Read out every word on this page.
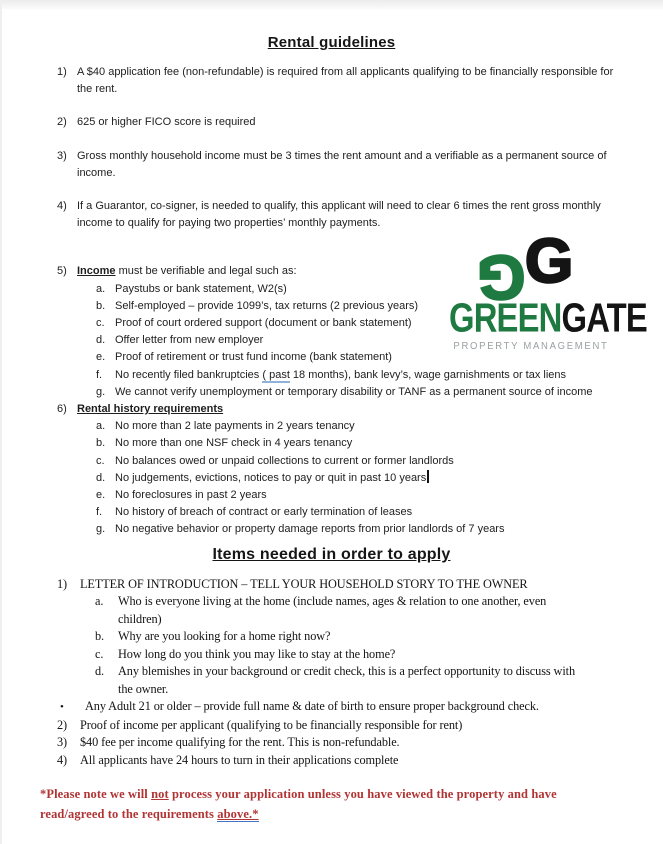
Rental guidelines
1) A $40 application fee (non-refundable) is required from all applicants qualifying to be financially responsible for
the rent.
2) 625 or higher FICO score is required
3) Gross monthly household income must be 3 times the rent amount and a verifiable as a permanent source of
income.
4) If a Guarantor, co-signer, is needed to qualify, this applicant will need to clear 6 times the rent gross monthly
income to qualify for paying two properties’ monthly payments.
5) Income must be verifiable and legal such as:
a. Paystubs or bank statement, W2(s)
b. Self-employed – provide 1099’s, tax returns (2 previous years)
c. Proof of court ordered support (document or bank statement)
d. Offer letter from new employer
e. Proof of retirement or trust fund income (bank statement)
f.	No recently filed bankruptcies ( past 18 months), bank levy’s, wage garnishments or tax liens
g. We cannot verify unemployment or temporary disability or TANF as a permanent source of income
6) Rental history requirements
a. No more than 2 late payments in 2 years tenancy
b. No more than one NSF check in 4 years tenancy
c. No balances owed or unpaid collections to current or former landlords
d. No judgements, evictions, notices to pay or quit in past 10 years
e. No foreclosures in past 2 years
f.	No history of breach of contract or early termination of leases
g. No negative behavior or property damage reports from prior landlords of 7 years
Items needed in order to apply
1)	LETTER OF INTRODUCTION – TELL YOUR HOUSEHOLD STORY TO THE OWNER
a.	Who is everyone living at the home (include names, ages & relation to one another, even
children)
b.	Why are you looking for a home right now?
c.	How long do you think you may like to stay at the home?
d.	Any blemishes in your background or credit check, this is a perfect opportunity to discuss with
the owner.
•	Any Adult 21 or older – provide full name & date of birth to ensure proper background check.
2)	Proof of income per applicant (qualifying to be financially responsible for rent)
3)	$40 fee per income qualifying for the rent. This is non-refundable.
4)	All applicants have 24 hours to turn in their applications complete
*Please note we will not process your application unless you have viewed the property and have
read/agreed to the requirements above.*
G G
GREENGATE
PROPERTY MANAGEMENT
